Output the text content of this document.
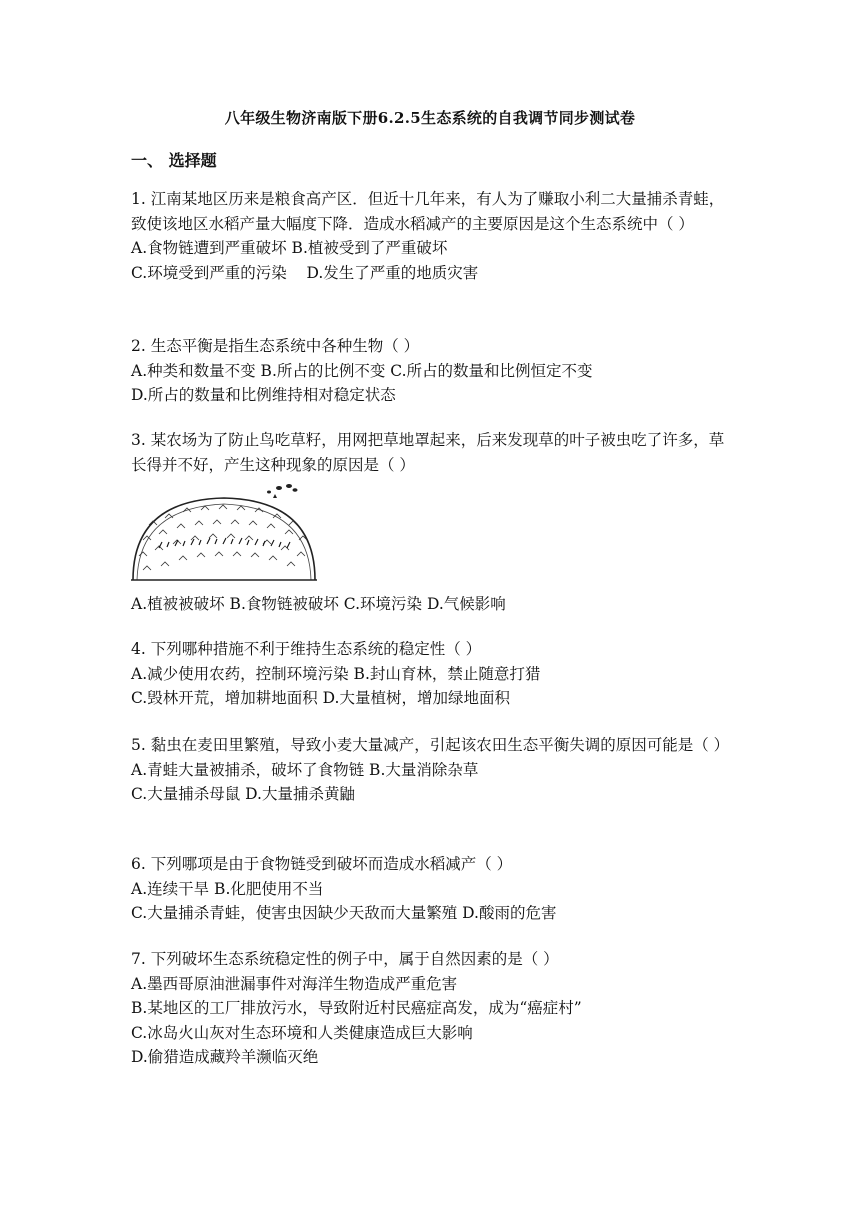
八年级生物济南版下册6.2.5生态系统的自我调节同步测试卷
一、 选择题

1. 江南某地区历来是粮食高产区．但近十几年来，有人为了赚取小利二大量捕杀青蛙，致使该地区水稻产量大幅度下降．造成水稻减产的主要原因是这个生态系统中（ ）

A.食物链遭到严重破坏 B.植被受到了严重破坏

C.环境受到严重的污染    D.发生了严重的地质灾害

2. 生态平衡是指生态系统中各种生物（ ）

A.种类和数量不变 B.所占的比例不变 C.所占的数量和比例恒定不变

D.所占的数量和比例维持相对稳定状态

3. 某农场为了防止鸟吃草籽，用网把草地罩起来，后来发现草的叶子被虫吃了许多，草长得并不好，产生这种现象的原因是（ ）

A.植被被破坏 B.食物链被破坏 C.环境污染 D.气候影响

4. 下列哪种措施不利于维持生态系统的稳定性（ ）

A.减少使用农药，控制环境污染 B.封山育林，禁止随意打猎

C.毁林开荒，增加耕地面积 D.大量植树，增加绿地面积

5. 黏虫在麦田里繁殖，导致小麦大量减产，引起该农田生态平衡失调的原因可能是（ ）

A.青蛙大量被捕杀，破坏了食物链 B.大量消除杂草

C.大量捕杀母鼠 D.大量捕杀黄鼬

6. 下列哪项是由于食物链受到破坏而造成水稻减产（ ）

A.连续干旱 B.化肥使用不当

C.大量捕杀青蛙，使害虫因缺少天敌而大量繁殖 D.酸雨的危害

7. 下列破坏生态系统稳定性的例子中，属于自然因素的是（ ）

A.墨西哥原油泄漏事件对海洋生物造成严重危害

B.某地区的工厂排放污水，导致附近村民癌症高发，成为“癌症村”

C.冰岛火山灰对生态环境和人类健康造成巨大影响

D.偷猎造成藏羚羊濒临灭绝
